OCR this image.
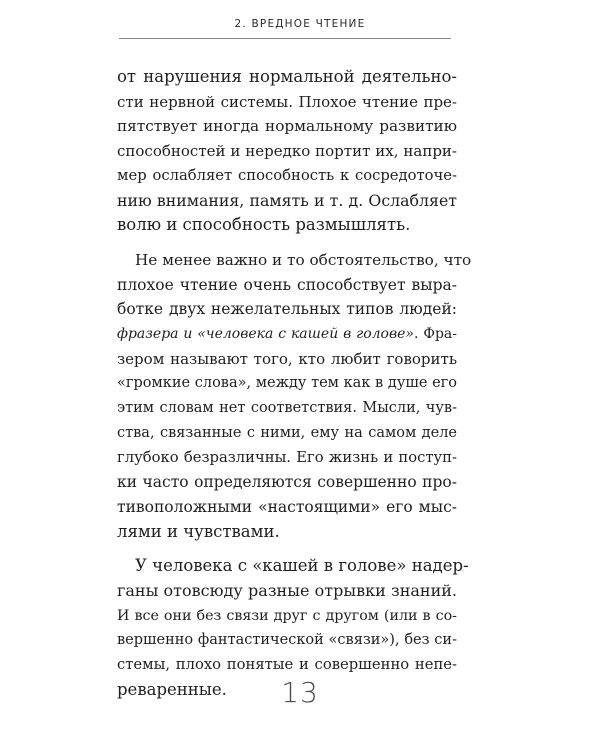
2. ВРЕДНОЕ ЧТЕНИЕ
от нарушения нормальной деятельно-
сти нервной системы. Плохое чтение пре-
пятствует иногда нормальному развитию
способностей и нередко портит их, напри-
мер ослабляет способность к сосредоточе-
нию внимания, память и т. д. Ослабляет
волю и способность размышлять.
Не менее важно и то обстоятельство, что
плохое чтение очень способствует выра-
ботке двух нежелательных типов людей:
фразера и «человека с кашей в голове». Фра-
зером называют того, кто любит говорить
«громкие слова», между тем как в душе его
этим словам нет соответствия. Мысли, чув-
ства, связанные с ними, ему на самом деле
глубоко безразличны. Его жизнь и поступ-
ки часто определяются совершенно про-
тивоположными «настоящими» его мыс-
лями и чувствами.
У человека с «кашей в голове» надер-
ганы отовсюду разные отрывки знаний.
И все они без связи друг с другом (или в со-
вершенно фантастической «связи»), без си-
стемы, плохо понятые и совершенно непе-
реваренные.	13
